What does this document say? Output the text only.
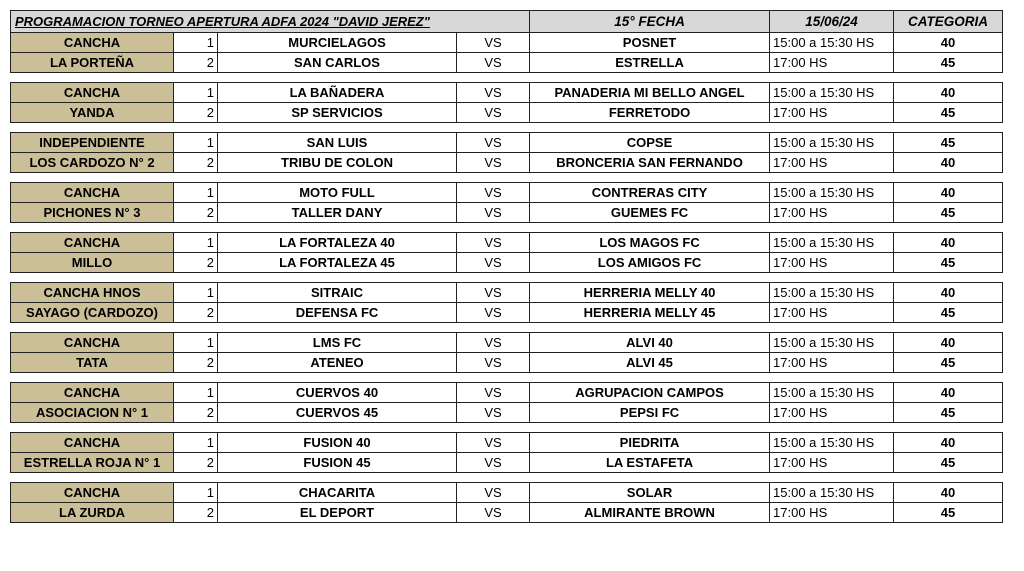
PROGRAMACION TORNEO APERTURA ADFA 2024 "DAVID JEREZ"				15° FECHA	15/06/24	CATEGORIA
CANCHA	1	MURCIELAGOS	VS	POSNET	15:00 a 15:30 HS	40
LA PORTEÑA	2	SAN CARLOS	VS	ESTRELLA	17:00 HS	45

CANCHA	1	LA BAÑADERA	VS	PANADERIA MI BELLO ANGEL	15:00 a 15:30 HS	40
YANDA	2	SP SERVICIOS	VS	FERRETODO	17:00 HS	45

INDEPENDIENTE	1	SAN LUIS	VS	COPSE	15:00 a 15:30 HS	45
LOS CARDOZO N° 2	2	TRIBU DE COLON	VS	BRONCERIA SAN FERNANDO	17:00 HS	40

CANCHA	1	MOTO FULL	VS	CONTRERAS CITY	15:00 a 15:30 HS	40
PICHONES N° 3	2	TALLER DANY	VS	GUEMES FC	17:00 HS	45

CANCHA	1	LA FORTALEZA 40	VS	LOS MAGOS FC	15:00 a 15:30 HS	40
MILLO	2	LA FORTALEZA 45	VS	LOS AMIGOS FC	17:00 HS	45

CANCHA HNOS	1	SITRAIC	VS	HERRERIA MELLY 40	15:00 a 15:30 HS	40
SAYAGO (CARDOZO)	2	DEFENSA FC	VS	HERRERIA MELLY 45	17:00 HS	45

CANCHA	1	LMS FC	VS	ALVI 40	15:00 a 15:30 HS	40
TATA	2	ATENEO	VS	ALVI 45	17:00 HS	45

CANCHA	1	CUERVOS 40	VS	AGRUPACION CAMPOS	15:00 a 15:30 HS	40
ASOCIACION N° 1	2	CUERVOS 45	VS	PEPSI FC	17:00 HS	45

CANCHA	1	FUSION 40	VS	PIEDRITA	15:00 a 15:30 HS	40
ESTRELLA ROJA N° 1	2	FUSION 45	VS	LA ESTAFETA	17:00 HS	45

CANCHA	1	CHACARITA	VS	SOLAR	15:00 a 15:30 HS	40
LA ZURDA	2	EL DEPORT	VS	ALMIRANTE BROWN	17:00 HS	45
